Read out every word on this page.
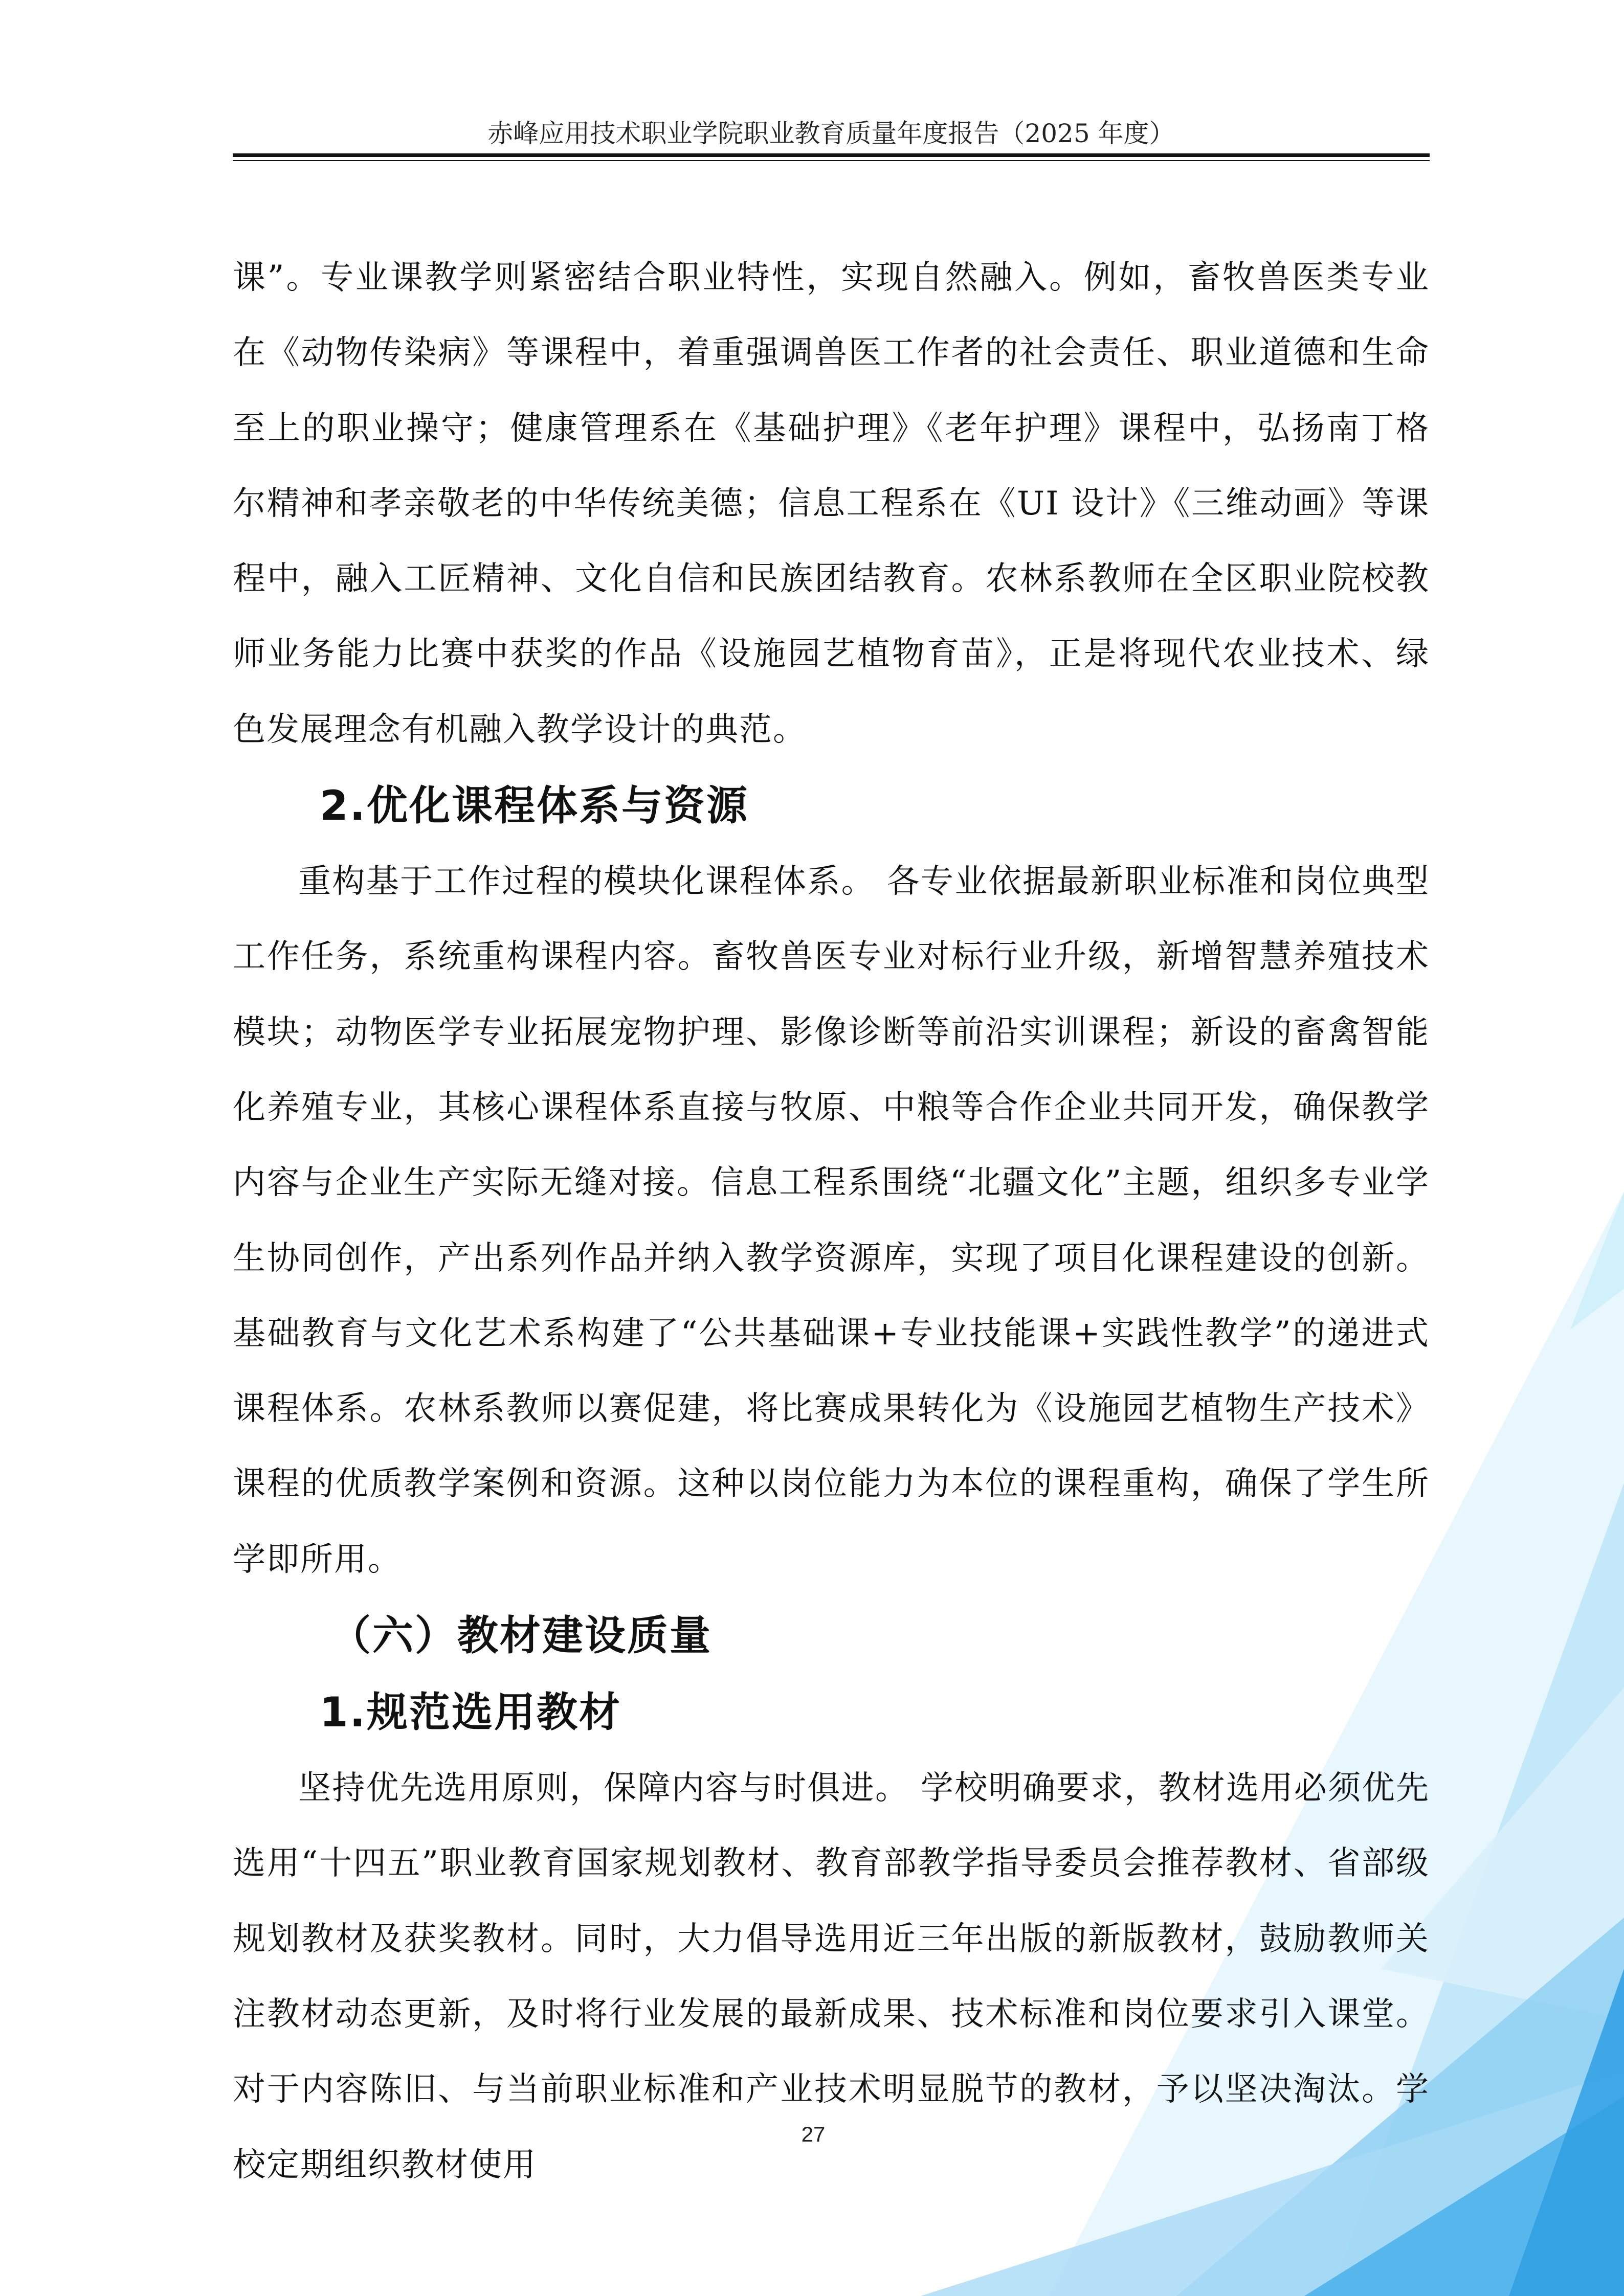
赤峰应用技术职业学院职业教育质量年度报告（2025 年度）

课”。专业课教学则紧密结合职业特性，实现自然融入。例如，畜牧兽医类专业在《动物传染病》等课程中，着重强调兽医工作者的社会责任、职业道德和生命至上的职业操守；健康管理系在《基础护理》《老年护理》课程中，弘扬南丁格尔精神和孝亲敬老的中华传统美德；信息工程系在《UI 设计》《三维动画》等课程中，融入工匠精神、文化自信和民族团结教育。农林系教师在全区职业院校教师业务能力比赛中获奖的作品《设施园艺植物育苗》，正是将现代农业技术、绿色发展理念有机融入教学设计的典范。

2.优化课程体系与资源

重构基于工作过程的模块化课程体系。 各专业依据最新职业标准和岗位典型工作任务，系统重构课程内容。畜牧兽医专业对标行业升级，新增智慧养殖技术模块；动物医学专业拓展宠物护理、影像诊断等前沿实训课程；新设的畜禽智能化养殖专业，其核心课程体系直接与牧原、中粮等合作企业共同开发，确保教学内容与企业生产实际无缝对接。信息工程系围绕“北疆文化”主题，组织多专业学生协同创作，产出系列作品并纳入教学资源库，实现了项目化课程建设的创新。基础教育与文化艺术系构建了“公共基础课+专业技能课+实践性教学”的递进式课程体系。农林系教师以赛促建，将比赛成果转化为《设施园艺植物生产技术》课程的优质教学案例和资源。这种以岗位能力为本位的课程重构，确保了学生所学即所用。

（六）教材建设质量
1.规范选用教材

坚持优先选用原则，保障内容与时俱进。 学校明确要求，教材选用必须优先选用“十四五”职业教育国家规划教材、教育部教学指导委员会推荐教材、省部级规划教材及获奖教材。同时，大力倡导选用近三年出版的新版教材，鼓励教师关注教材动态更新，及时将行业发展的最新成果、技术标准和岗位要求引入课堂。对于内容陈旧、与当前职业标准和产业技术明显脱节的教材，予以坚决淘汰。学校定期组织教材使用

27
